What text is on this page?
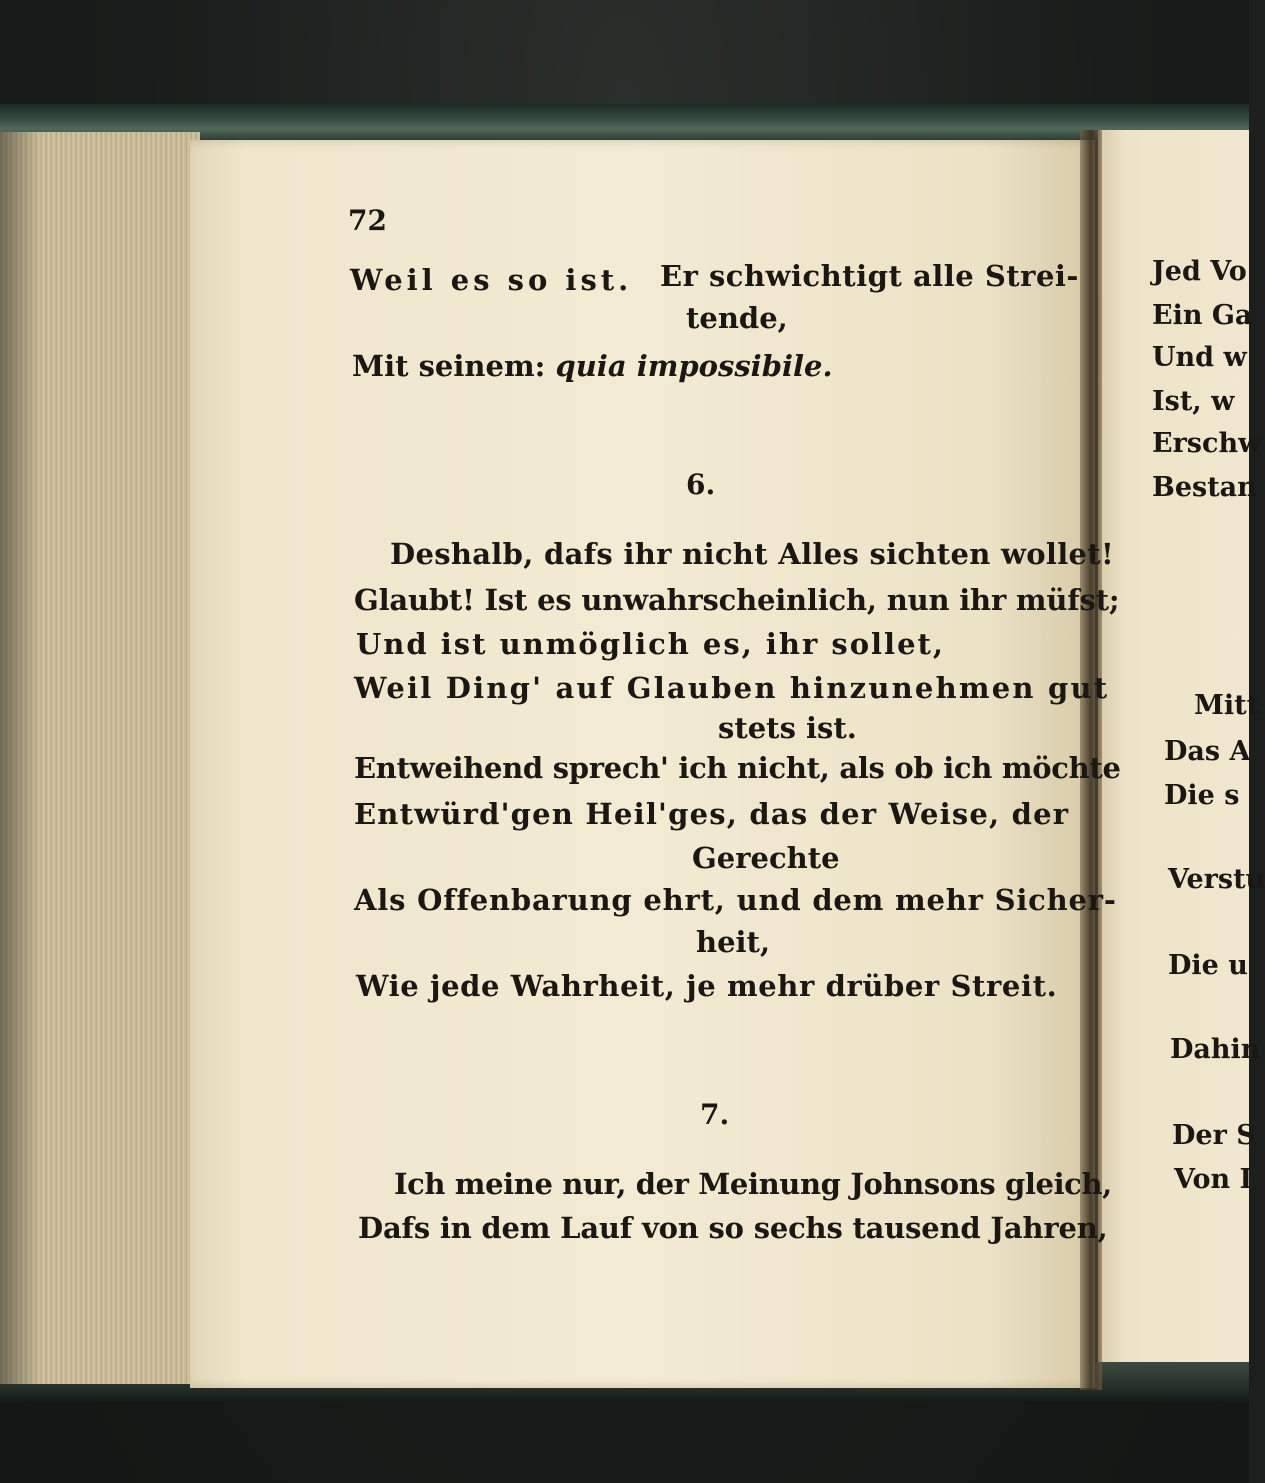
72
Weil es so ist. Er schwichtigt alle Strei-
tende,
Mit seinem: quia impossibile.
6.
Deshalb, dafs ihr nicht Alles sichten wollet!
Glaubt! Ist es unwahrscheinlich, nun ihr müfst;
Und ist unmöglich es, ihr sollet,
Weil Ding' auf Glauben hinzunehmen gut
stets ist.
Entweihend sprech' ich nicht, als ob ich möchte
Entwürd'gen Heil'ges, das der Weise, der
Gerechte
Als Offenbarung ehrt, und dem mehr Sicher-
heit,
Wie jede Wahrheit, je mehr drüber Streit.
7.
Ich meine nur, der Meinung Johnsons gleich,
Dafs in dem Lauf von so sechs tausend Jahren,
Jed Vo
Ein Ga
Und w
Ist, w
Erschw
Bestan
Mitt
Das A
Die s
Verstu
Die u
Dahin
Der S
Von I
